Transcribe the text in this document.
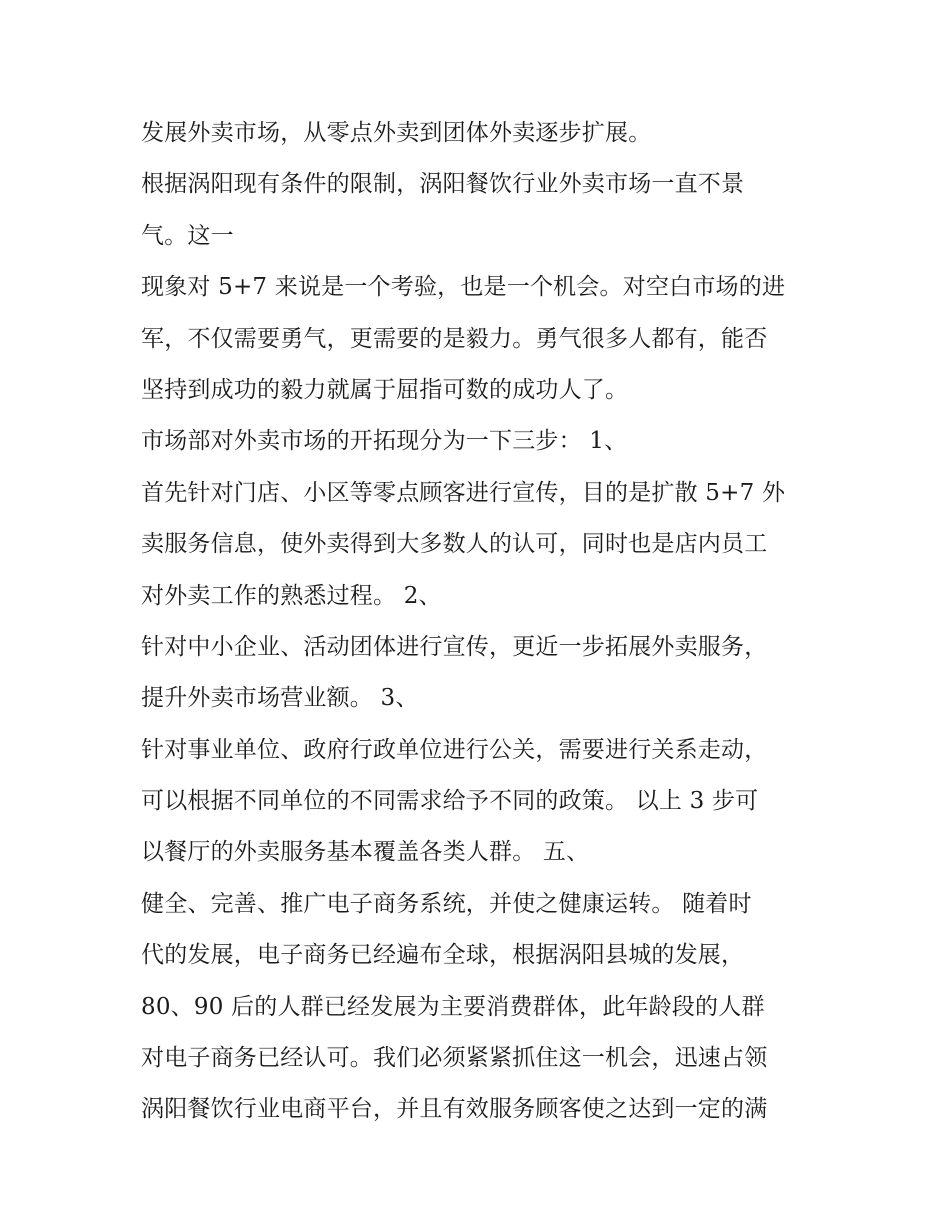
发展外卖市场，从零点外卖到团体外卖逐步扩展。
根据涡阳现有条件的限制，涡阳餐饮行业外卖市场一直不景
气。这一
现象对 5+7 来说是一个考验，也是一个机会。对空白市场的进
军，不仅需要勇气，更需要的是毅力。勇气很多人都有，能否
坚持到成功的毅力就属于屈指可数的成功人了。
市场部对外卖市场的开拓现分为一下三步： 1、
首先针对门店、小区等零点顾客进行宣传，目的是扩散 5+7 外
卖服务信息，使外卖得到大多数人的认可，同时也是店内员工
对外卖工作的熟悉过程。 2、
针对中小企业、活动团体进行宣传，更近一步拓展外卖服务，
提升外卖市场营业额。 3、
针对事业单位、政府行政单位进行公关，需要进行关系走动，
可以根据不同单位的不同需求给予不同的政策。 以上 3 步可
以餐厅的外卖服务基本覆盖各类人群。 五、
健全、完善、推广电子商务系统，并使之健康运转。 随着时
代的发展，电子商务已经遍布全球，根据涡阳县城的发展，
80、90 后的人群已经发展为主要消费群体，此年龄段的人群
对电子商务已经认可。我们必须紧紧抓住这一机会，迅速占领
涡阳餐饮行业电商平台，并且有效服务顾客使之达到一定的满
